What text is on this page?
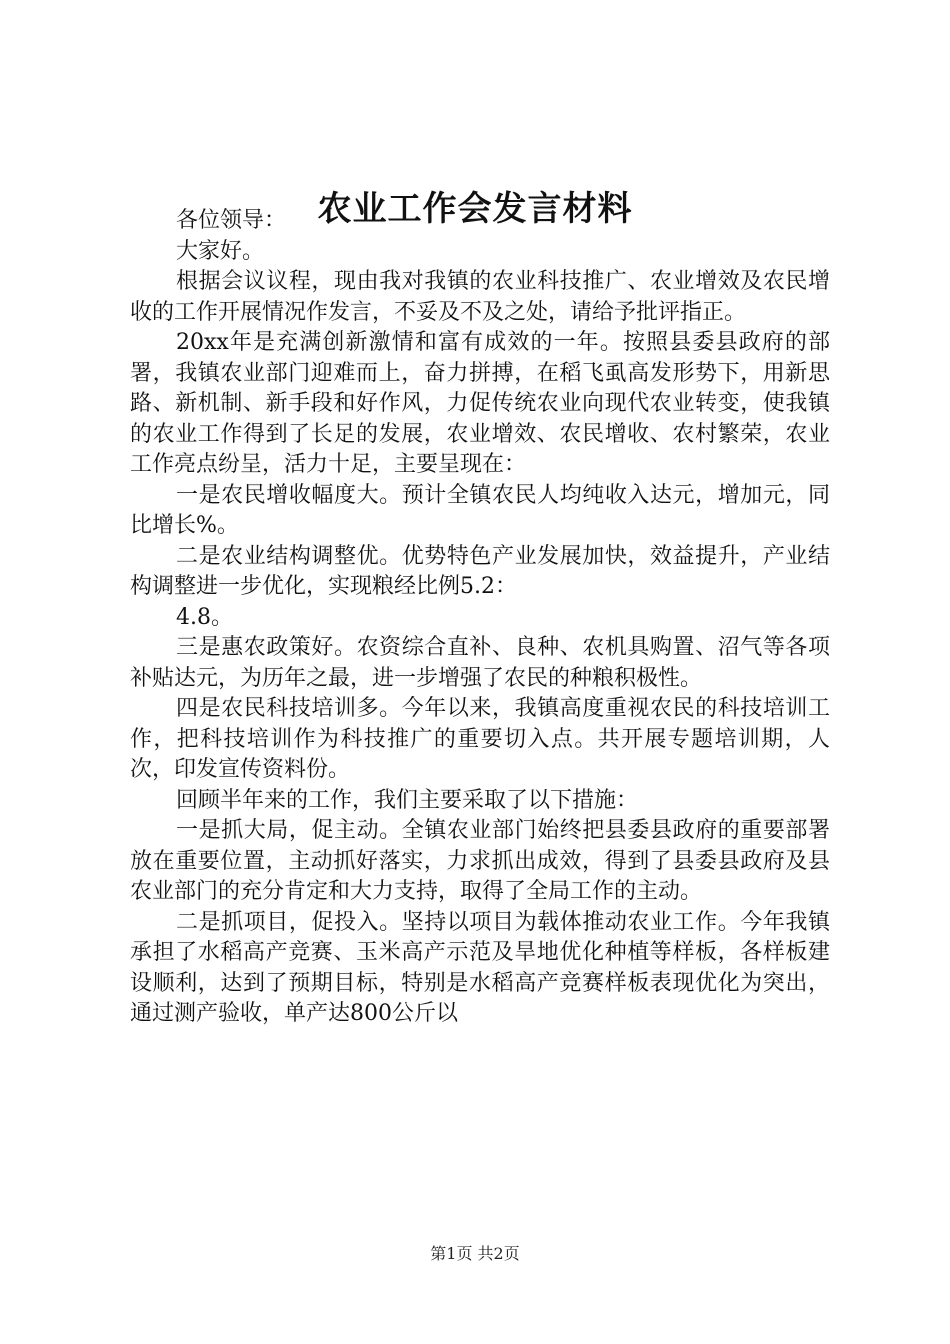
农业工作会发言材料

各位领导：

大家好。

根据会议议程，现由我对我镇的农业科技推广、农业增效及农民增收的工作开展情况作发言，不妥及不及之处，请给予批评指正。

20xx年是充满创新激情和富有成效的一年。按照县委县政府的部署，我镇农业部门迎难而上，奋力拼搏，在稻飞虱高发形势下，用新思路、新机制、新手段和好作风，力促传统农业向现代农业转变，使我镇的农业工作得到了长足的发展，农业增效、农民增收、农村繁荣，农业工作亮点纷呈，活力十足，主要呈现在：

一是农民增收幅度大。预计全镇农民人均纯收入达元，增加元，同比增长%。

二是农业结构调整优。优势特色产业发展加快，效益提升，产业结构调整进一步优化，实现粮经比例5.2：

4.8。

三是惠农政策好。农资综合直补、良种、农机具购置、沼气等各项补贴达元，为历年之最，进一步增强了农民的种粮积极性。

四是农民科技培训多。今年以来，我镇高度重视农民的科技培训工作，把科技培训作为科技推广的重要切入点。共开展专题培训期，人次，印发宣传资料份。

回顾半年来的工作，我们主要采取了以下措施：

一是抓大局，促主动。全镇农业部门始终把县委县政府的重要部署放在重要位置，主动抓好落实，力求抓出成效，得到了县委县政府及县农业部门的充分肯定和大力支持，取得了全局工作的主动。

二是抓项目，促投入。坚持以项目为载体推动农业工作。今年我镇承担了水稻高产竞赛、玉米高产示范及旱地优化种植等样板，各样板建设顺利，达到了预期目标，特别是水稻高产竞赛样板表现优化为突出，通过测产验收，单产达800公斤以

第1页 共2页
